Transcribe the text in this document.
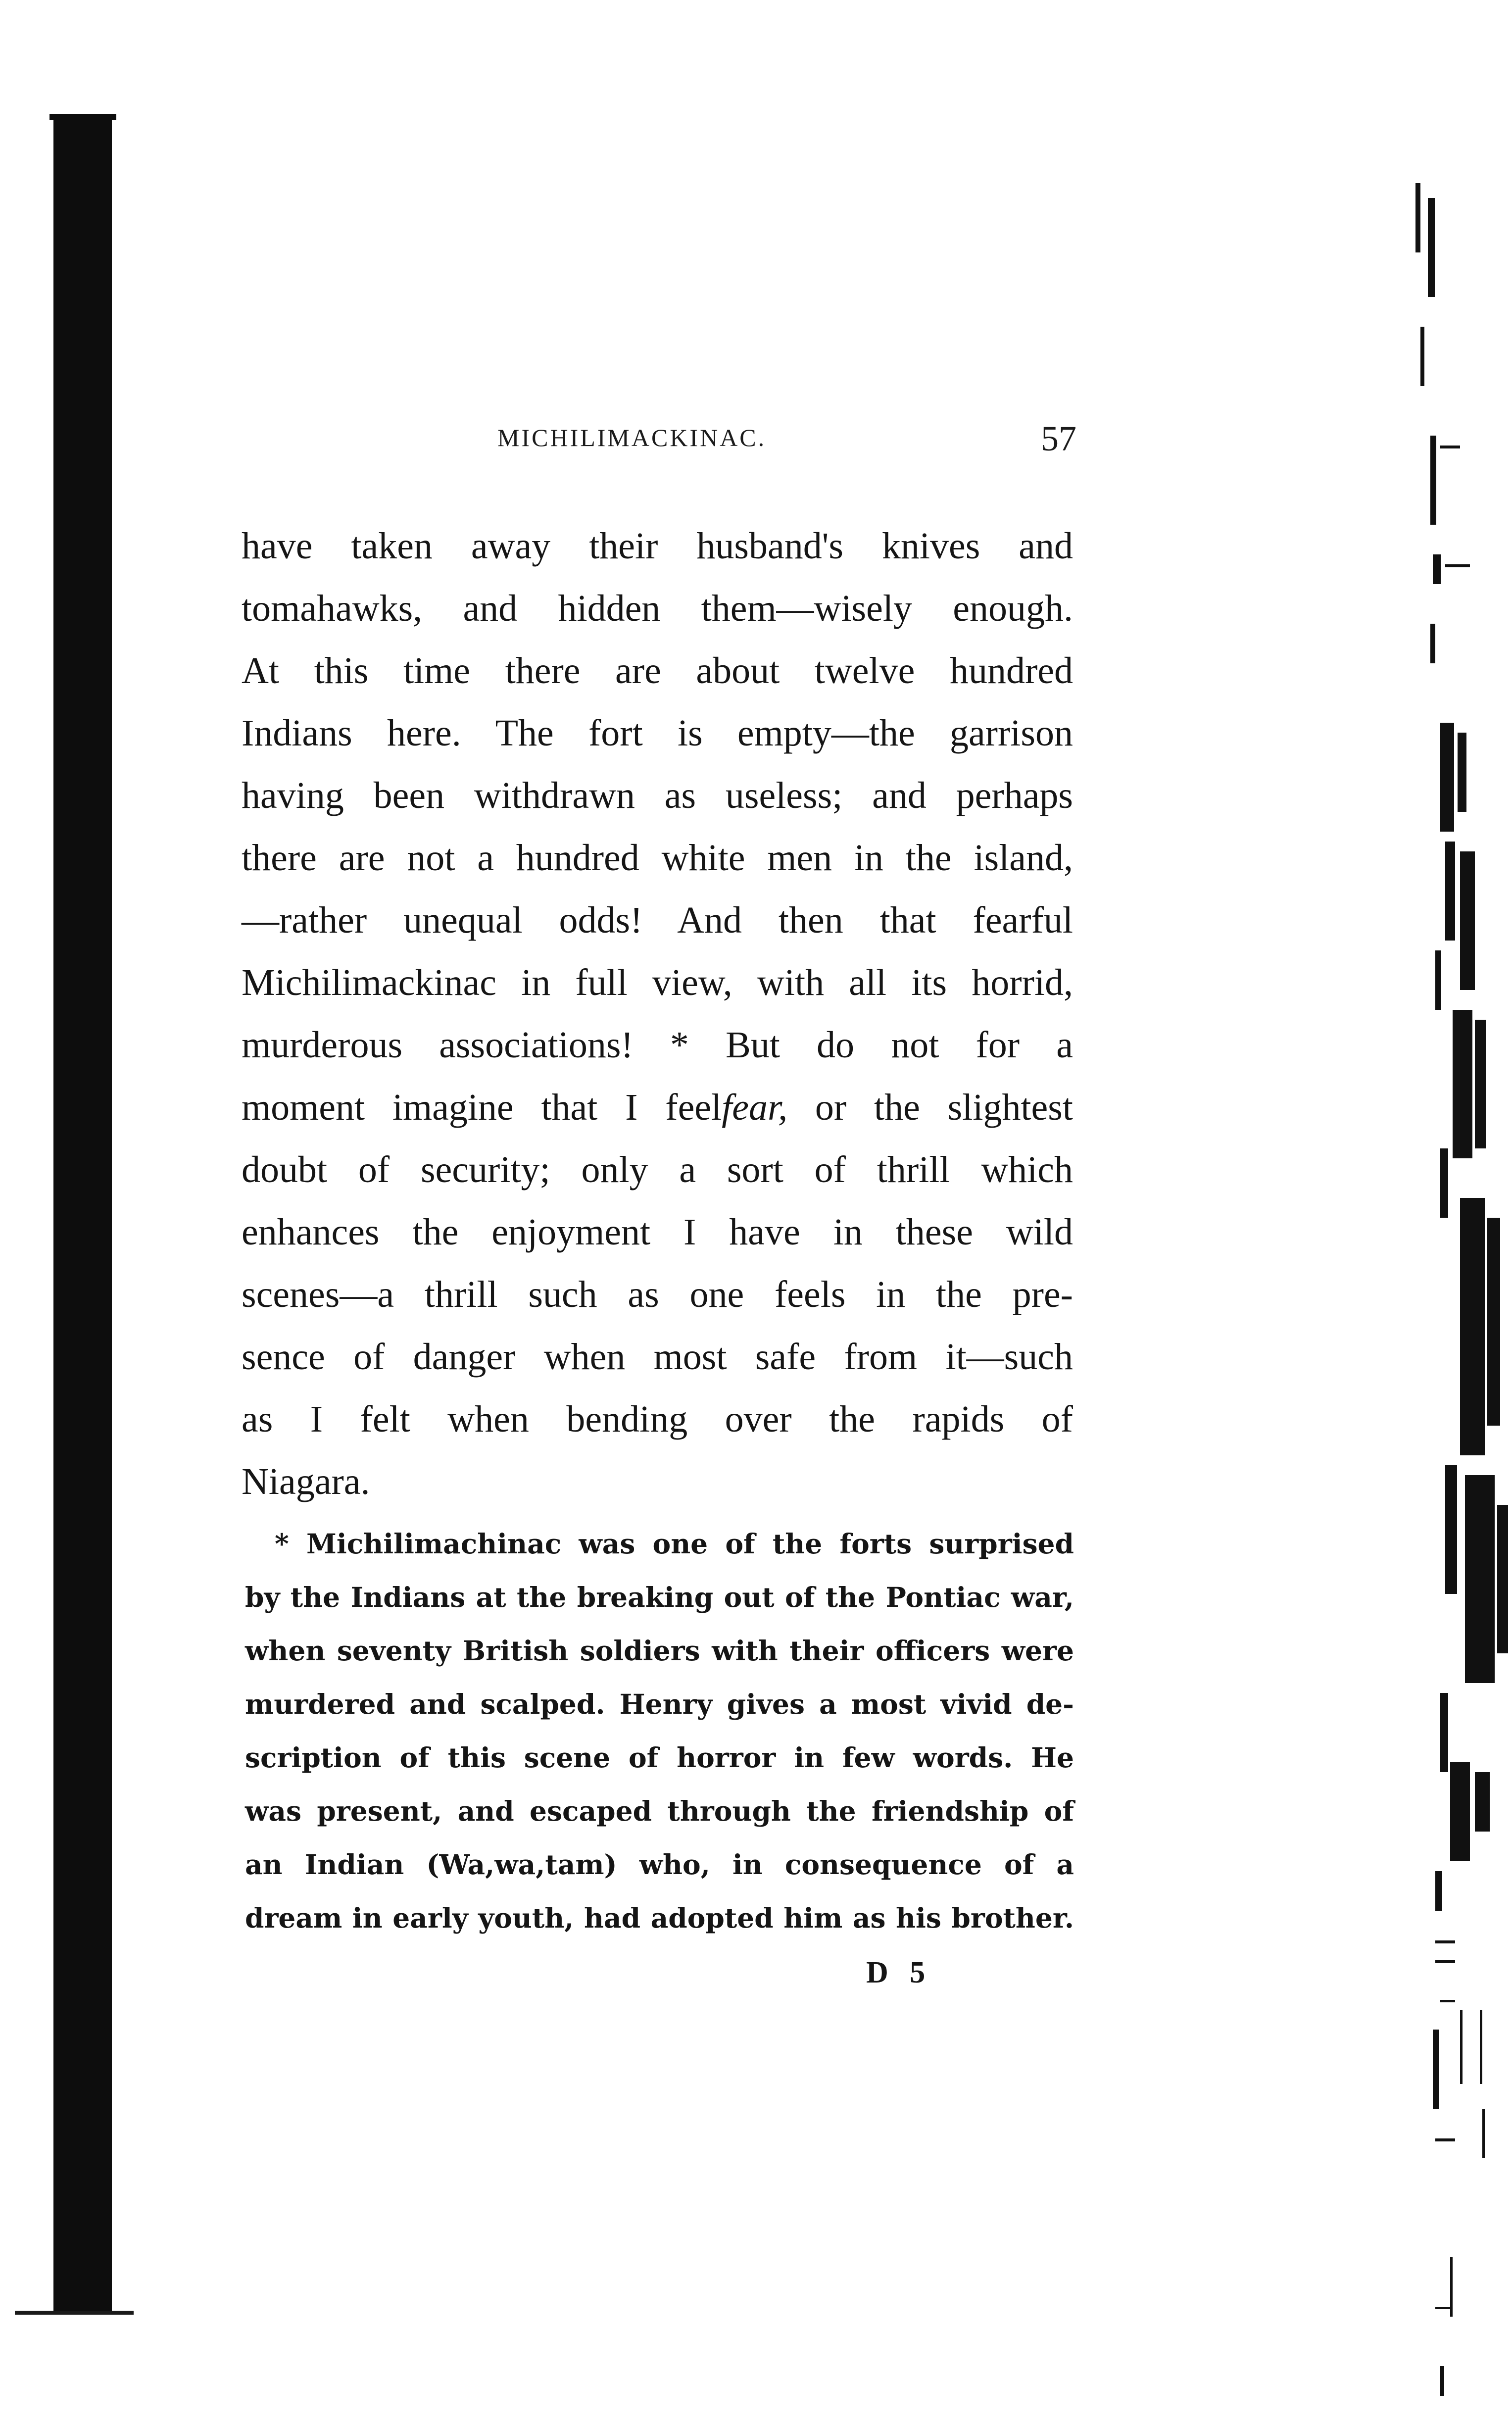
MICHILIMACKINAC.	57
have taken away their husband's knives and
tomahawks, and hidden them—wisely enough.
At this time there are about twelve hundred
Indians here. The fort is empty—the garrison
having been withdrawn as useless; and perhaps
there are not a hundred white men in the island,
—rather unequal odds! And then that fearful
Michilimackinac in full view, with all its horrid,
murderous associations! * But do not for a
moment imagine that I feelfear, or the slightest
doubt of security; only a sort of thrill which
enhances the enjoyment I have in these wild
scenes—a thrill such as one feels in the pre-
sence of danger when most safe from it—such
as I felt when bending over the rapids of
Niagara.
* Michilimachinac was one of the forts surprised
by the Indians at the breaking out of the Pontiac war,
when seventy British soldiers with their officers were
murdered and scalped. Henry gives a most vivid de-
scription of this scene of horror in few words. He
was present, and escaped through the friendship of
an Indian (Wa,wa,tam) who, in consequence of a
dream in early youth, had adopted him as his brother.
D 5
